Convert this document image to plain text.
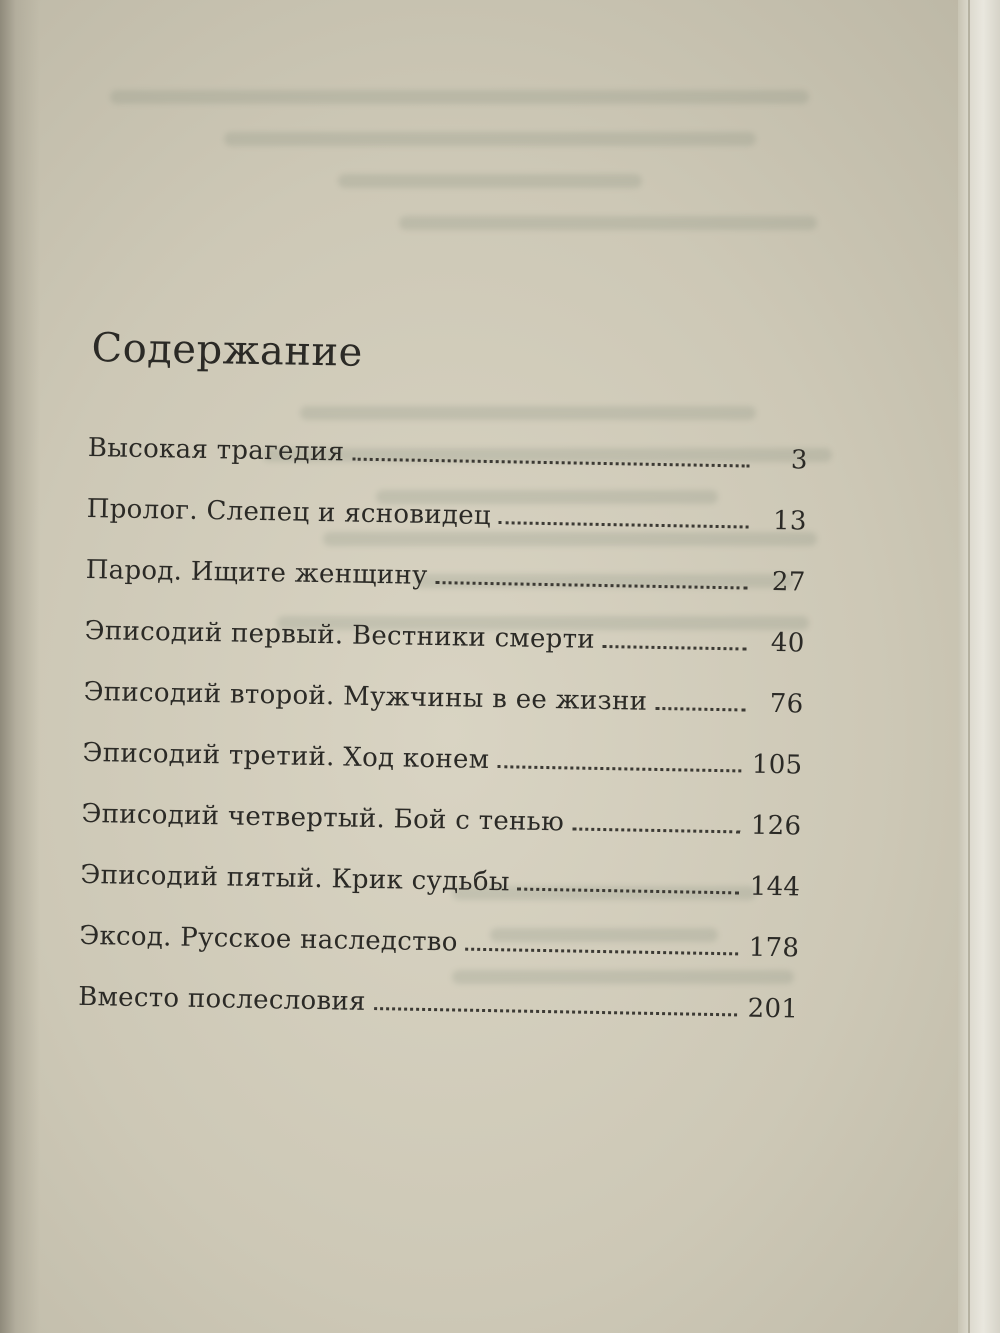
Содержание
Высокая трагедия	3
Пролог. Слепец и ясновидец	13
Парод. Ищите женщину	27
Эписодий первый. Вестники смерти	40
Эписодий второй. Мужчины в ее жизни	76
Эписодий третий. Ход конем	105
Эписодий четвертый. Бой с тенью	126
Эписодий пятый. Крик судьбы	144
Эксод. Русское наследство	178
Вместо послесловия	201
